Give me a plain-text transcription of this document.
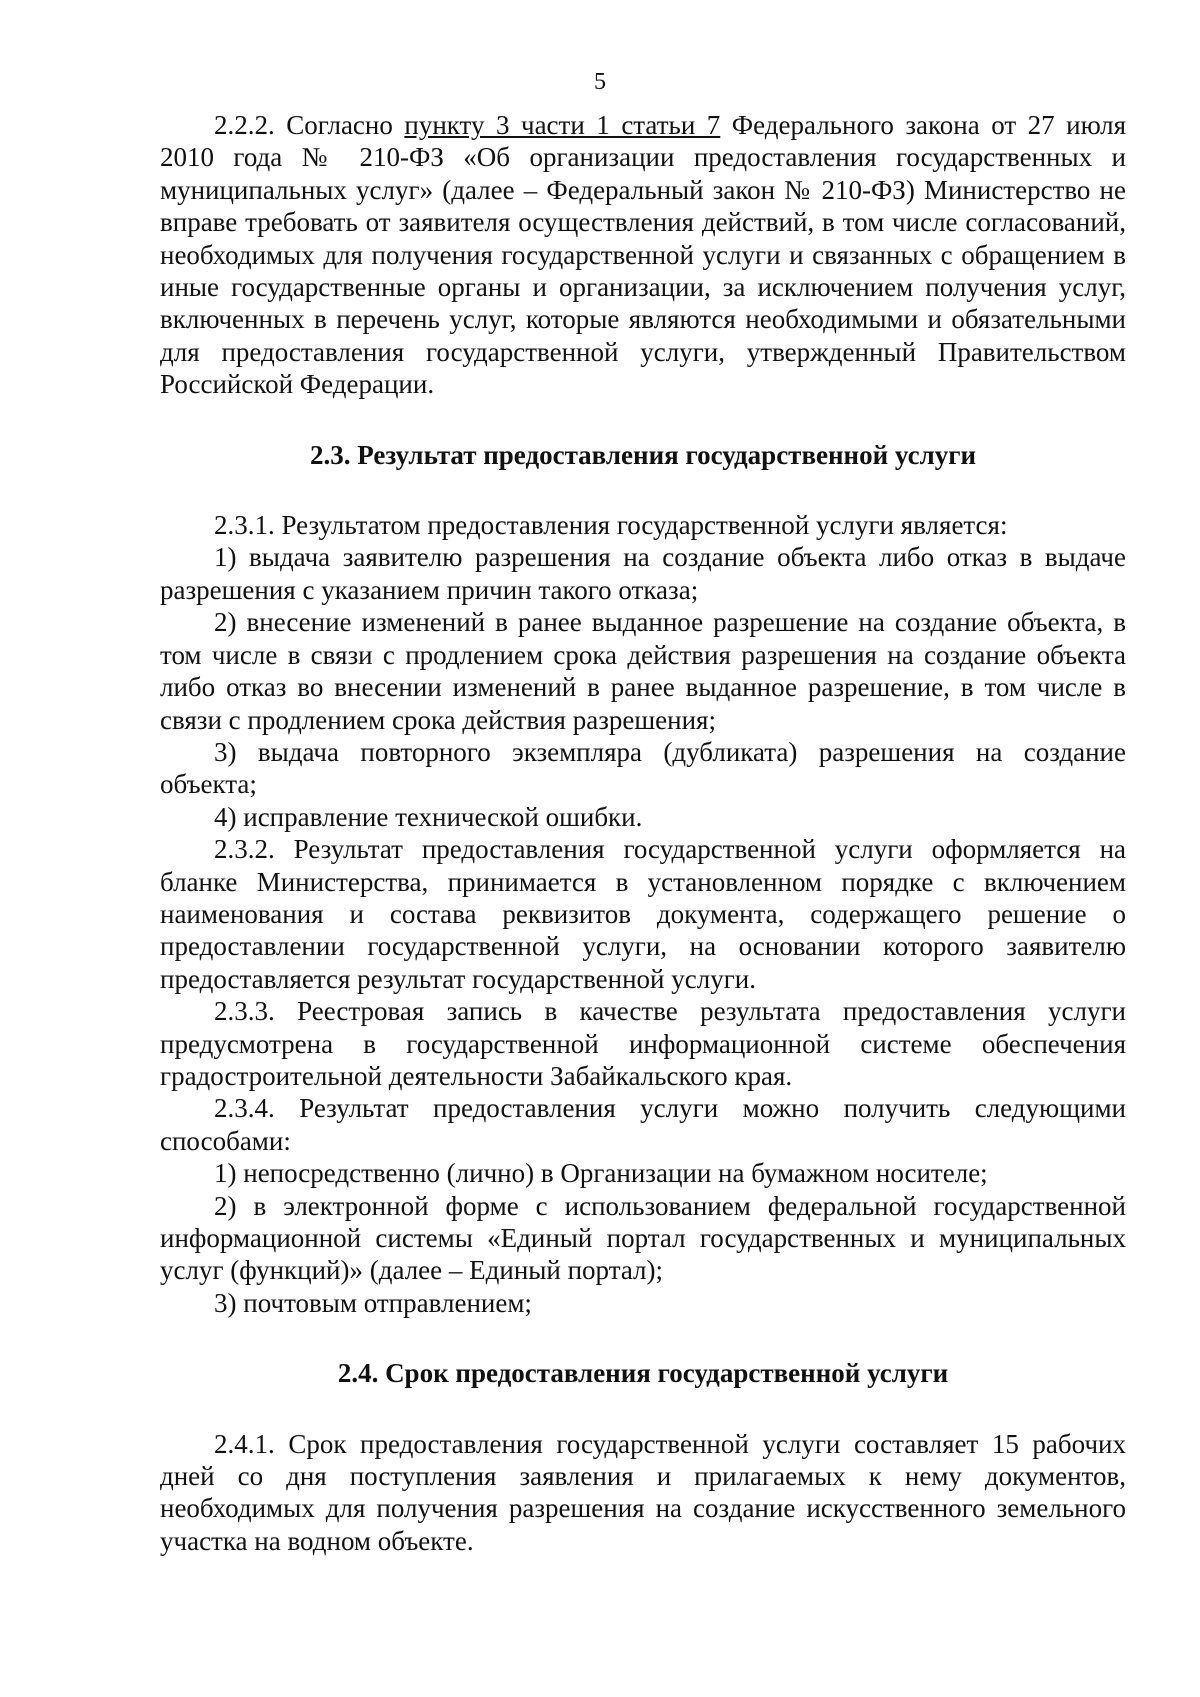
5

2.2.2. Согласно пункту 3 части 1 статьи 7 Федерального закона от 27 июля 2010 года № 210-ФЗ «Об организации предоставления государственных и муниципальных услуг» (далее – Федеральный закон № 210-ФЗ) Министерство не вправе требовать от заявителя осуществления действий, в том числе согласований, необходимых для получения государственной услуги и связанных с обращением в иные государственные органы и организации, за исключением получения услуг, включенных в перечень услуг, которые являются необходимыми и обязательными для предоставления государственной услуги, утвержденный Правительством Российской Федерации.

2.3. Результат предоставления государственной услуги

2.3.1. Результатом предоставления государственной услуги является:

1) выдача заявителю разрешения на создание объекта либо отказ в выдаче разрешения с указанием причин такого отказа;

2) внесение изменений в ранее выданное разрешение на создание объекта, в том числе в связи с продлением срока действия разрешения на создание объекта либо отказ во внесении изменений в ранее выданное разрешение, в том числе в связи с продлением срока действия разрешения;

3) выдача повторного экземпляра (дубликата) разрешения на создание объекта;

4) исправление технической ошибки.

2.3.2. Результат предоставления государственной услуги оформляется на бланке Министерства, принимается в установленном порядке с включением наименования и состава реквизитов документа, содержащего решение о предоставлении государственной услуги, на основании которого заявителю предоставляется результат государственной услуги.

2.3.3. Реестровая запись в качестве результата предоставления услуги предусмотрена в государственной информационной системе обеспечения градостроительной деятельности Забайкальского края.

2.3.4. Результат предоставления услуги можно получить следующими способами:

1) непосредственно (лично) в Организации на бумажном носителе;

2) в электронной форме с использованием федеральной государственной информационной системы «Единый портал государственных и муниципальных услуг (функций)» (далее – Единый портал);

3) почтовым отправлением;

2.4. Срок предоставления государственной услуги

2.4.1. Срок предоставления государственной услуги составляет 15 рабочих дней со дня поступления заявления и прилагаемых к нему документов, необходимых для получения разрешения на создание искусственного земельного участка на водном объекте.
